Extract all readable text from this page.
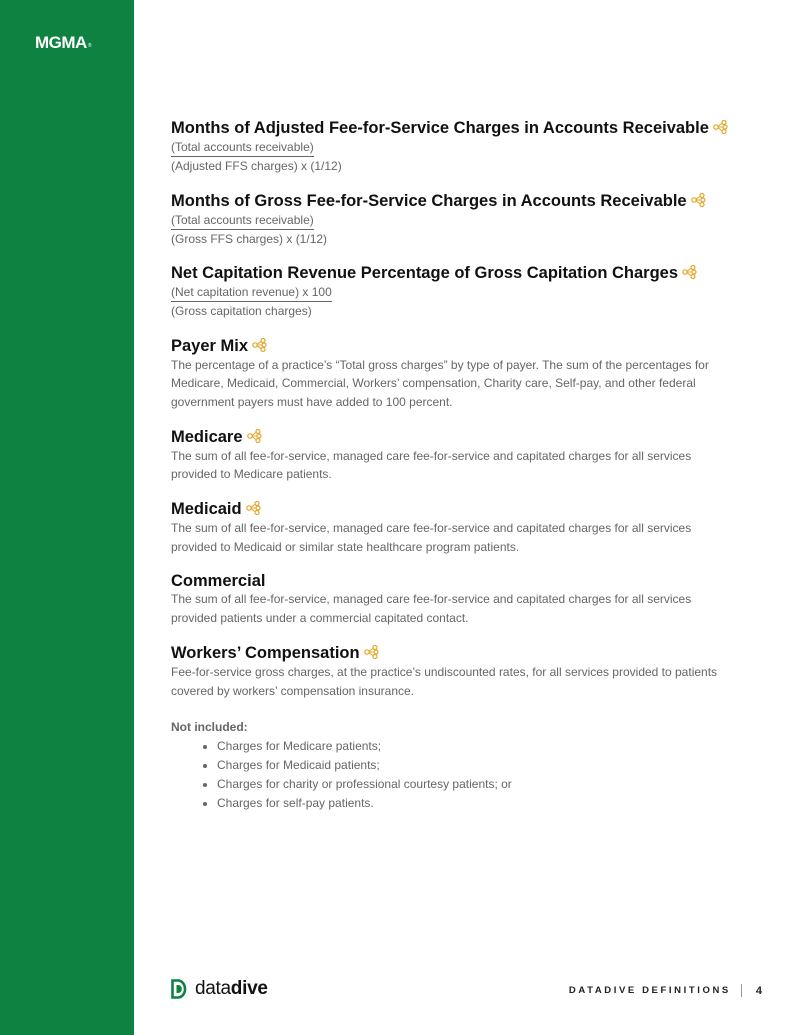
MGMA®
Months of Adjusted Fee-for-Service Charges in Accounts Receivable
(Total accounts receivable)
(Adjusted FFS charges) x (1/12)
Months of Gross Fee-for-Service Charges in Accounts Receivable
(Total accounts receivable)
(Gross FFS charges) x (1/12)
Net Capitation Revenue Percentage of Gross Capitation Charges
(Net capitation revenue) x 100
(Gross capitation charges)
Payer Mix

The percentage of a practice’s “Total gross charges” by type of payer. The sum of the percentages for Medicare, Medicaid, Commercial, Workers’ compensation, Charity care, Self-pay, and other federal government payers must have added to 100 percent.

Medicare

The sum of all fee-for-service, managed care fee-for-service and capitated charges for all services provided to Medicare patients.

Medicaid

The sum of all fee-for-service, managed care fee-for-service and capitated charges for all services provided to Medicaid or similar state healthcare program patients.

Commercial

The sum of all fee-for-service, managed care fee-for-service and capitated charges for all services provided patients under a commercial capitated contact.

Workers’ Compensation

Fee-for-service gross charges, at the practice’s undiscounted rates, for all services provided to patients covered by workers’ compensation insurance.

Not included:
• Charges for Medicare patients;
• Charges for Medicaid patients;
• Charges for charity or professional courtesy patients; or
• Charges for self-pay patients.
datadive	DATADIVE DEFINITIONS 4
